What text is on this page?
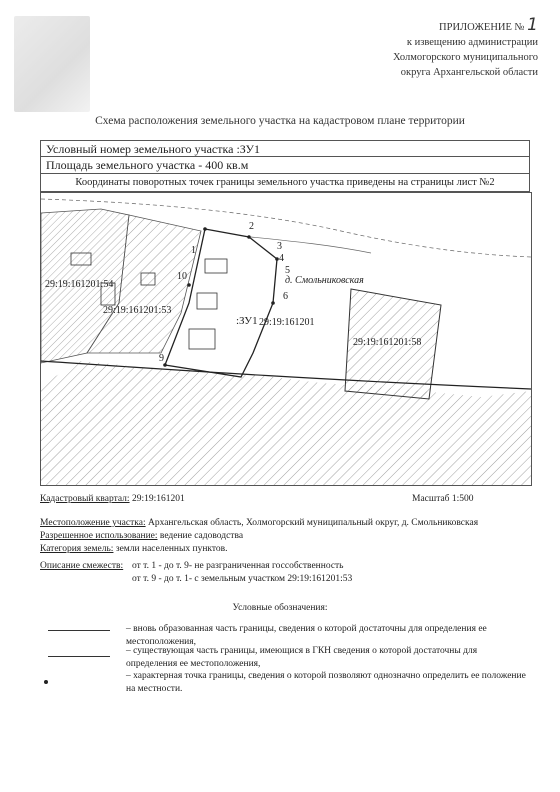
ПРИЛОЖЕНИЕ № 1
к извещению администрации
Холмогорского муниципального
округа Архангельской области
Схема расположения земельного участка на кадастровом плане территории
Условный номер земельного участка :ЗУ1
Площадь земельного участка - 400 кв.м
Координаты поворотных точек границы земельного участка приведены на страницы лист №2
:ЗУ1 29:19:161201
29:19:161201:58
29:19:161201:53
29:19:161201:54	д. Смольниковская
1
2
3
4
5
6
9
10
Кадастровый квартал: 29:19:161201	Масштаб 1:500
Местоположение участка: Архангельская область, Холмогорский муниципальный округ, д. Смольниковская
Разрешенное использование: ведение садоводства
Категория земель: земли населенных пунктов.
Описание смежеств: от т. 1 - до т. 9- не разграниченная госсобственность
от т. 9 - до т. 1- с земельным участком 29:19:161201:53
Условные обозначения:
– вновь образованная часть границы, сведения о которой достаточны для определения ее местоположения,
– существующая часть границы, имеющися в ГКН сведения о которой достаточны для определения ее местоположения,
– характерная точка границы, сведения о которой позволяют однозначно определить ее положение на местности.
